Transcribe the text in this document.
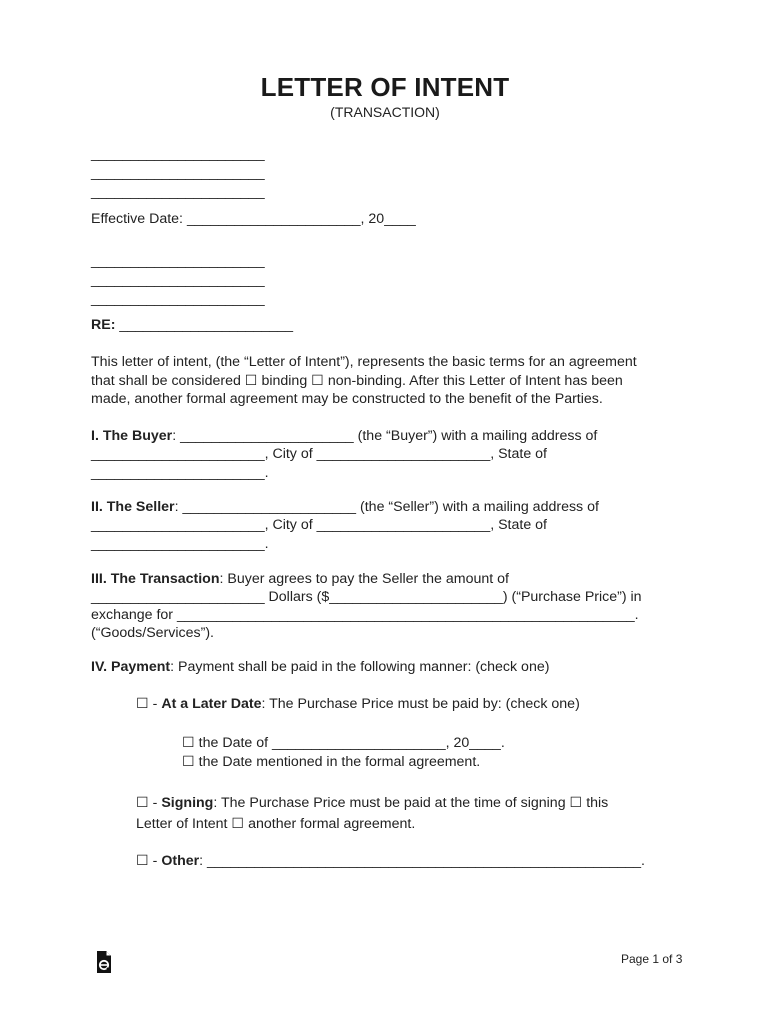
LETTER OF INTENT
(TRANSACTION)
______________________
______________________
______________________
Effective Date: ______________________, 20____
______________________
______________________
______________________
RE: ______________________
This letter of intent, (the “Letter of Intent”), represents the basic terms for an agreement
that shall be considered ☐ binding ☐ non-binding. After this Letter of Intent has been
made, another formal agreement may be constructed to the benefit of the Parties.
I. The Buyer: ______________________ (the “Buyer”) with a mailing address of
______________________, City of ______________________, State of
______________________.
II. The Seller: ______________________ (the “Seller”) with a mailing address of
______________________, City of ______________________, State of
______________________.
III. The Transaction: Buyer agrees to pay the Seller the amount of
______________________ Dollars ($______________________) (“Purchase Price”) in
exchange for __________________________________________________________.
(“Goods/Services”).
IV. Payment: Payment shall be paid in the following manner: (check one)
☐ - At a Later Date: The Purchase Price must be paid by: (check one)
☐ the Date of ______________________, 20____.
☐ the Date mentioned in the formal agreement.
☐ - Signing: The Purchase Price must be paid at the time of signing ☐ this
Letter of Intent ☐ another formal agreement.
☐ - Other: _______________________________________________________.
Page 1 of 3
